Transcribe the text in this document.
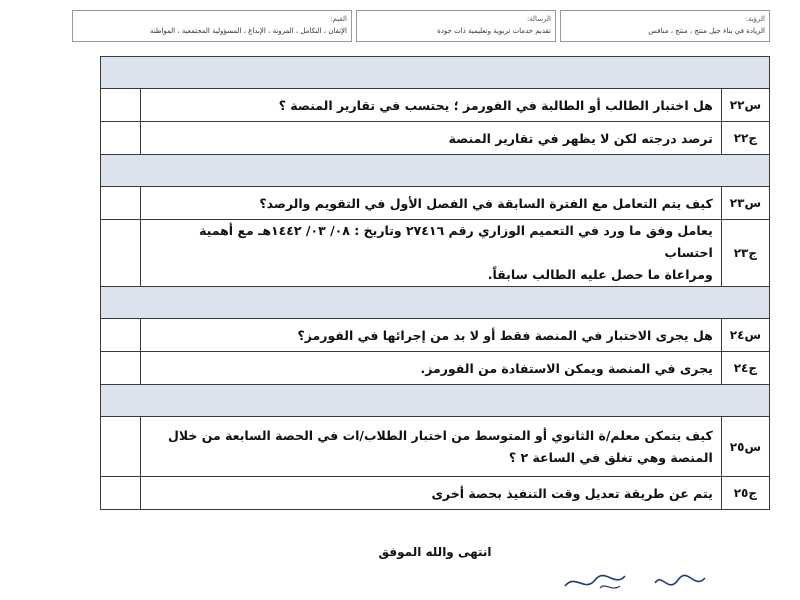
الرؤية:
الريادة في بناء جيل منتج ، منتج ، منافس
الرسالة:
تقديم خدمات تربوية وتعليمية ذات جودة
القيم:
الإتقان ، التكامل ، المرونة ، الإبداع ، المسؤولية المجتمعية ، المواطنة

س٢٢	هل اختبار الطالب أو الطالبة في الفورمز ؛ يحتسب في تقارير المنصة ؟	
ج٢٢	ترصد درجته لكن لا يظهر في تقارير المنصة	

س٢٣	كيف يتم التعامل مع الفترة السابقة في الفصل الأول في التقويم والرصد؟	
ج٢٣	يعامل وفق ما ورد في التعميم الوزاري رقم ٢٧٤١٦ وتاريخ : ٠٨/ ٠٣/ ١٤٤٢هـ مع أهمية احتساب
ومراعاة ما حصل عليه الطالب سابقاً.	

س٢٤	هل يجرى الاختبار في المنصة فقط أو لا بد من إجرائها في الفورمز؟	
ج٢٤	يجرى في المنصة ويمكن الاستفادة من الفورمز.	

س٢٥	كيف يتمكن معلم/ة الثانوي أو المتوسط من اختبار الطلاب/ات في الحصة السابعة من خلال
المنصة وهي تغلق في الساعة ٢ ؟	

ج٢٥	يتم عن طريقة تعديل وقت التنفيذ بحصة أخرى	
انتهى والله الموفق
